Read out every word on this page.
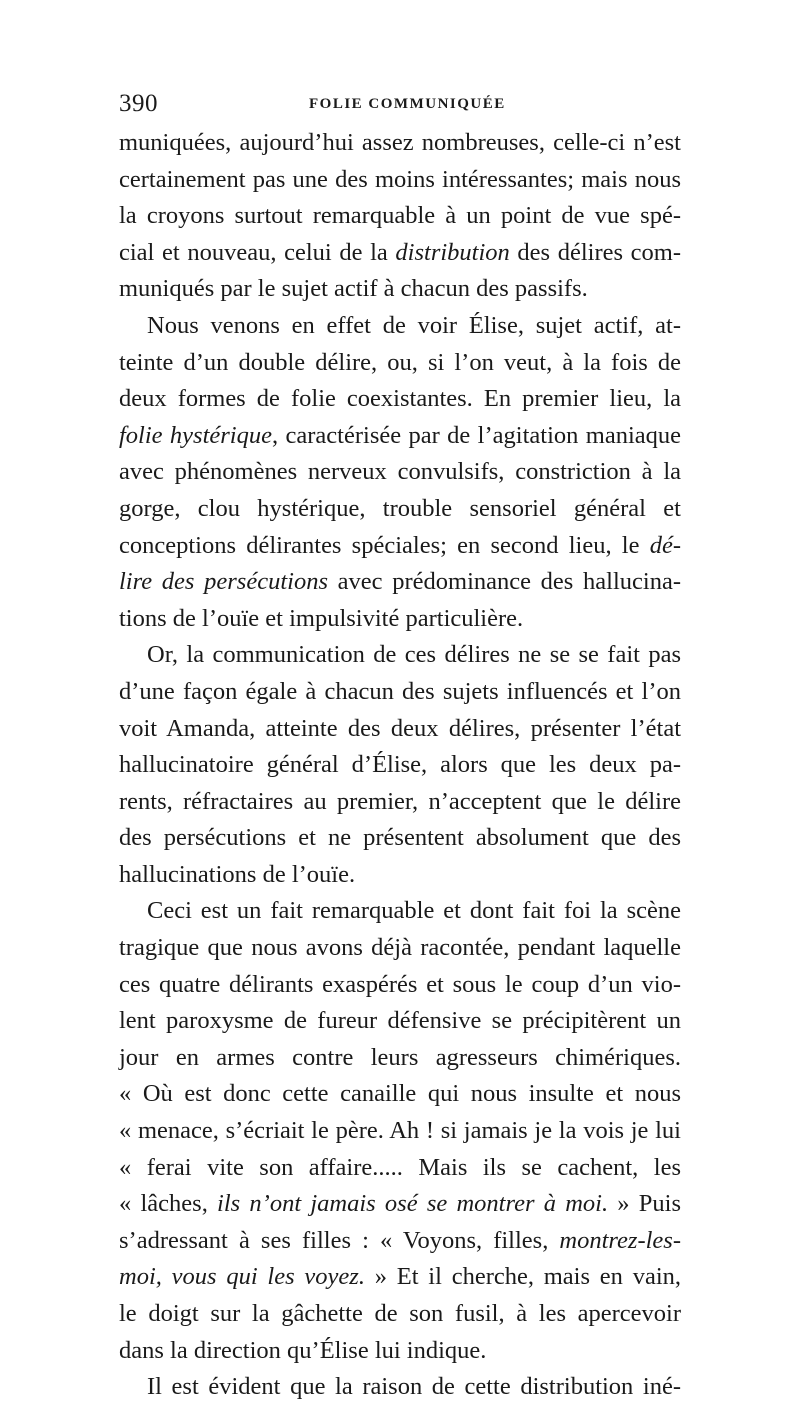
390	FOLIE COMMUNIQUÉE
muniquées, aujourd’hui assez nombreuses, celle-ci n’est
certainement pas une des moins intéressantes; mais nous
la croyons surtout remarquable à un point de vue spé-
cial et nouveau, celui de la distribution des délires com-
muniqués par le sujet actif à chacun des passifs.
Nous venons en effet de voir Élise, sujet actif, at-
teinte d’un double délire, ou, si l’on veut, à la fois de
deux formes de folie coexistantes. En premier lieu, la
folie hystérique, caractérisée par de l’agitation maniaque
avec phénomènes nerveux convulsifs, constriction à la
gorge, clou hystérique, trouble sensoriel général et
conceptions délirantes spéciales; en second lieu, le dé-
lire des persécutions avec prédominance des hallucina-
tions de l’ouïe et impulsivité particulière.
Or, la communication de ces délires ne se se fait pas
d’une façon égale à chacun des sujets influencés et l’on
voit Amanda, atteinte des deux délires, présenter l’état
hallucinatoire général d’Élise, alors que les deux pa-
rents, réfractaires au premier, n’acceptent que le délire
des persécutions et ne présentent absolument que des
hallucinations de l’ouïe.
Ceci est un fait remarquable et dont fait foi la scène
tragique que nous avons déjà racontée, pendant laquelle
ces quatre délirants exaspérés et sous le coup d’un vio-
lent paroxysme de fureur défensive se précipitèrent un
jour en armes contre leurs agresseurs chimériques.
« Où est donc cette canaille qui nous insulte et nous
« menace, s’écriait le père. Ah ! si jamais je la vois je lui
« ferai vite son affaire..... Mais ils se cachent, les
« lâches, ils n’ont jamais osé se montrer à moi. » Puis
s’adressant à ses filles : « Voyons, filles, montrez-les-
moi, vous qui les voyez. » Et il cherche, mais en vain,
le doigt sur la gâchette de son fusil, à les apercevoir
dans la direction qu’Élise lui indique.
Il est évident que la raison de cette distribution iné-
